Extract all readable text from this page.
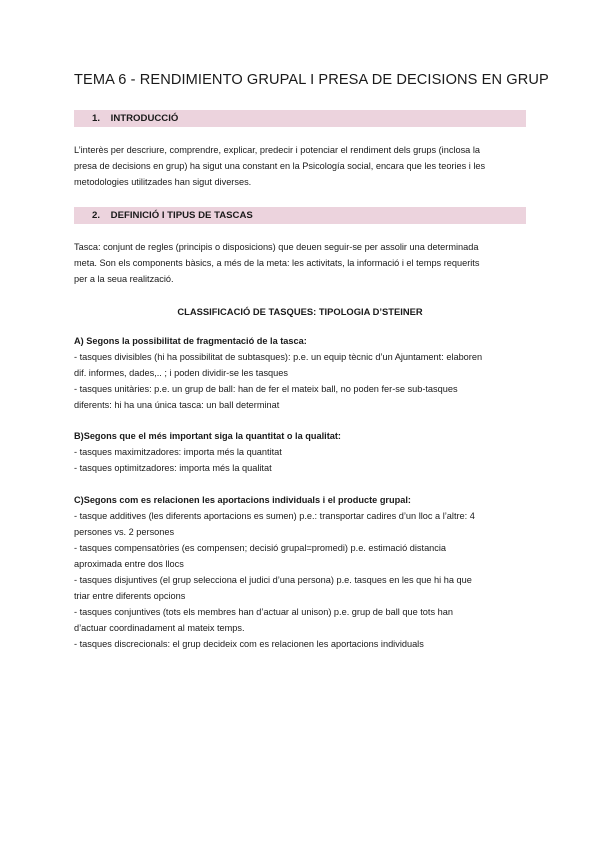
TEMA 6 - RENDIMIENTO GRUPAL I PRESA DE DECISIONS EN GRUP
1. INTRODUCCIÓ
L’interès per descriure, comprendre, explicar, predecir i potenciar el rendiment dels grups (inclosa la
presa de decisions en grup) ha sigut una constant en la Psicología social, encara que les teories i les
metodologies utilitzades han sigut diverses.
2. DEFINICIÓ I TIPUS DE TASCAS
Tasca: conjunt de regles (principis o disposicions) que deuen seguir-se per assolir una determinada
meta. Son els components bàsics, a més de la meta: les activitats, la informació i el temps requerits
per a la seua realització.
CLASSIFICACIÓ DE TASQUES: TIPOLOGIA D’STEINER
A) Segons la possibilitat de fragmentació de la tasca:
- tasques divisibles (hi ha possibilitat de subtasques): p.e. un equip tècnic d’un Ajuntament: elaboren
dif. informes, dades,.. ; i poden dividir-se les tasques
- tasques unitàries: p.e. un grup de ball: han de fer el mateix ball, no poden fer-se sub-tasques
diferents: hi ha una única tasca: un ball determinat
B)Segons que el més important siga la quantitat o la qualitat:
- tasques maximitzadores: importa més la quantitat
- tasques optimitzadores: importa més la qualitat
C)Segons com es relacionen les aportacions individuals i el producte grupal:
- tasque additives (les diferents aportacions es sumen) p.e.: transportar cadires d’un lloc a l’altre: 4
persones vs. 2 persones
- tasques compensatòries (es compensen; decisió grupal=promedi) p.e. estimació distancia
aproximada entre dos llocs
- tasques disjuntives (el grup selecciona el judici d’una persona) p.e. tasques en les que hi ha que
triar entre diferents opcions
- tasques conjuntives (tots els membres han d’actuar al unison) p.e. grup de ball que tots han
d’actuar coordinadament al mateix temps.
- tasques discrecionals: el grup decideix com es relacionen les aportacions individuals
